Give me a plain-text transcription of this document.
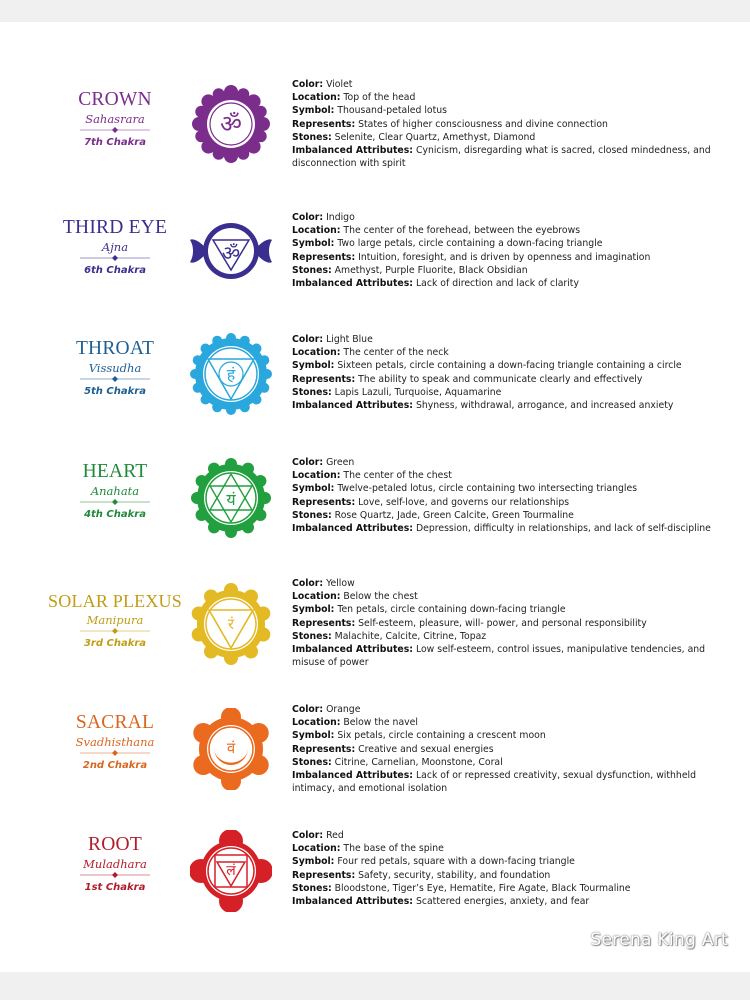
CROWN
Sahasrara
7th Chakra
ॐ
Color: Violet
Location: Top of the head
Symbol: Thousand-petaled lotus
Represents: States of higher consciousness and divine connection
Stones: Selenite, Clear Quartz, Amethyst, Diamond
Imbalanced Attributes: Cynicism, disregarding what is sacred, closed mindedness, and disconnection with spirit
THIRD EYE
Ajna
6th Chakra
ॐ
Color: Indigo
Location: The center of the forehead, between the eyebrows
Symbol: Two large petals, circle containing a down-facing triangle
Represents: Intuition, foresight, and is driven by openness and imagination
Stones: Amethyst, Purple Fluorite, Black Obsidian
Imbalanced Attributes: Lack of direction and lack of clarity
THROAT
Vissudha
5th Chakra
हं
Color: Light Blue
Location: The center of the neck
Symbol: Sixteen petals, circle containing a down-facing triangle containing a circle
Represents: The ability to speak and communicate clearly and effectively
Stones: Lapis Lazuli, Turquoise, Aquamarine
Imbalanced Attributes: Shyness, withdrawal, arrogance, and increased anxiety
HEART
Anahata
4th Chakra
यं
Color: Green
Location: The center of the chest
Symbol: Twelve-petaled lotus, circle containing two intersecting triangles
Represents: Love, self-love, and governs our relationships
Stones: Rose Quartz, Jade, Green Calcite, Green Tourmaline
Imbalanced Attributes: Depression, difficulty in relationships, and lack of self-discipline
SOLAR PLEXUS
Manipura
3rd Chakra
रं
Color: Yellow
Location: Below the chest
Symbol: Ten petals, circle containing down-facing triangle
Represents: Self-esteem, pleasure, will- power, and personal responsibility
Stones: Malachite, Calcite, Citrine, Topaz
Imbalanced Attributes: Low self-esteem, control issues, manipulative tendencies, and misuse of power
SACRAL
Svadhisthana
2nd Chakra
वं
Color: Orange
Location: Below the navel
Symbol: Six petals, circle containing a crescent moon
Represents: Creative and sexual energies
Stones: Citrine, Carnelian, Moonstone, Coral
Imbalanced Attributes: Lack of or repressed creativity, sexual dysfunction, withheld intimacy, and emotional isolation
ROOT
Muladhara
1st Chakra
लं
Color: Red
Location: The base of the spine
Symbol: Four red petals, square with a down-facing triangle
Represents: Safety, security, stability, and foundation
Stones: Bloodstone, Tiger’s Eye, Hematite, Fire Agate, Black Tourmaline
Imbalanced Attributes: Scattered energies, anxiety, and fear
Serena King Art
